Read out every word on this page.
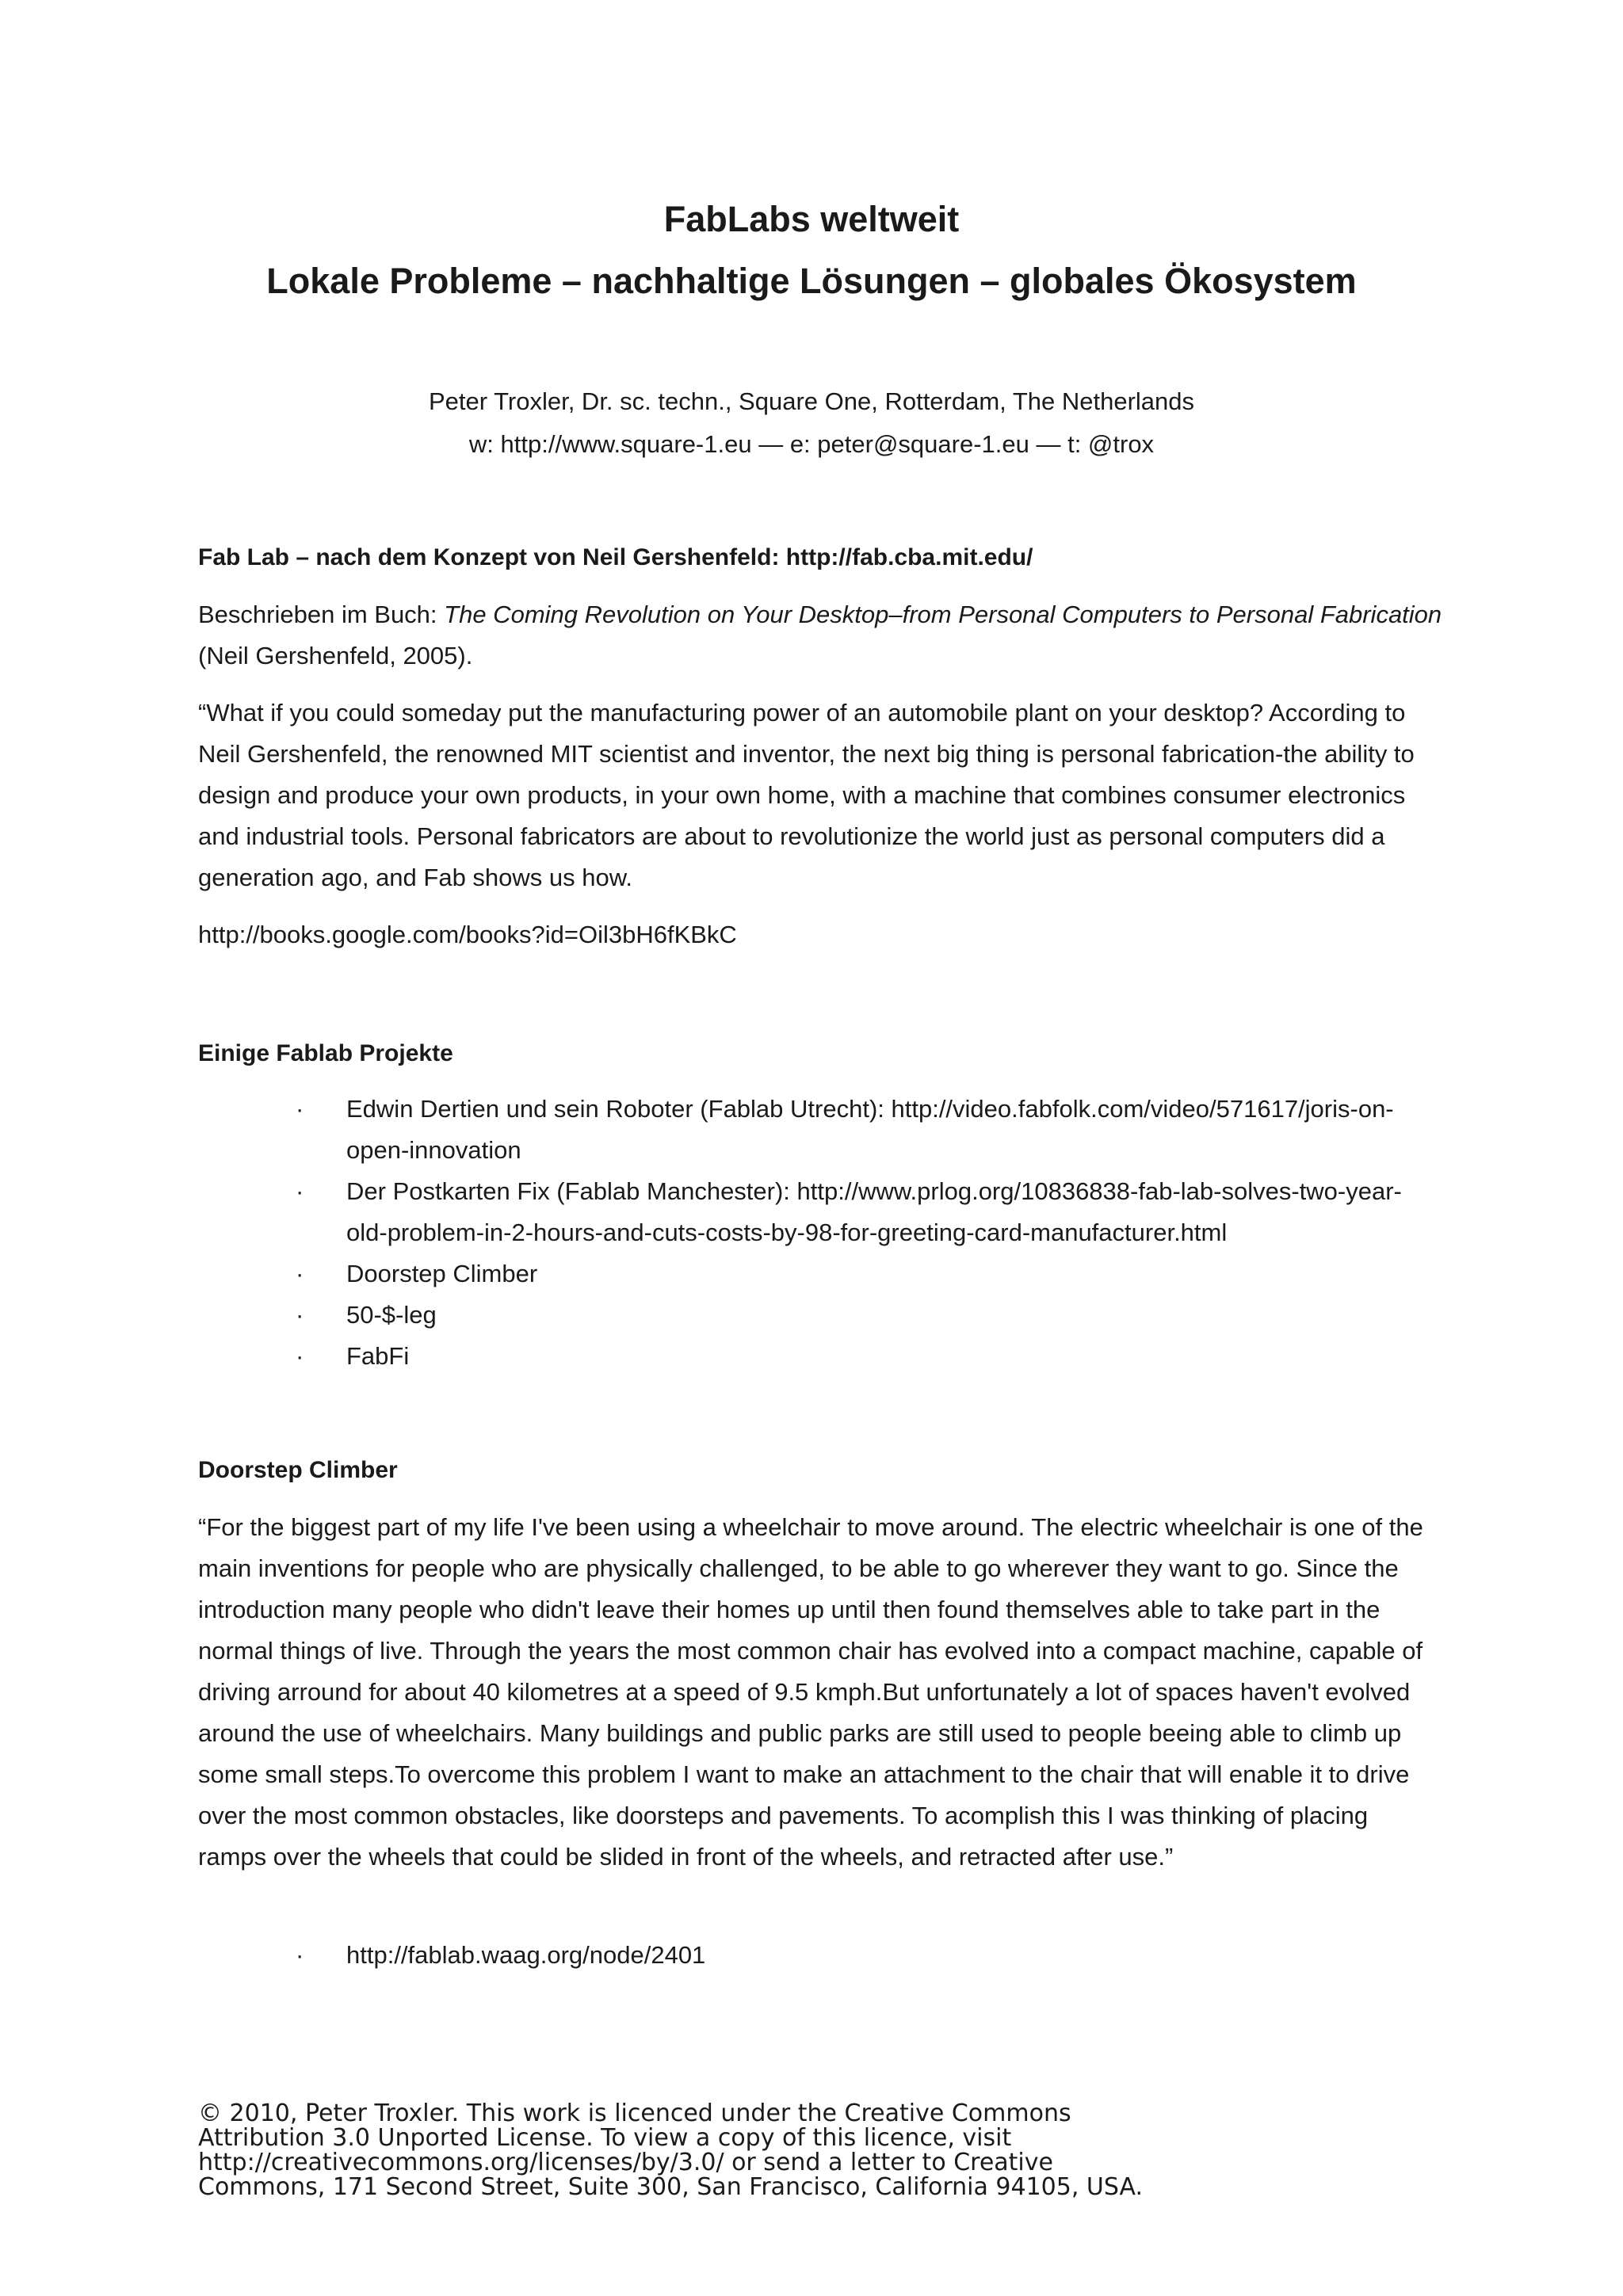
FabLabs weltweit
Lokale Probleme – nachhaltige Lösungen – globales Ökosystem
Peter Troxler, Dr. sc. techn., Square One, Rotterdam, The Netherlands
w: http://www.square-1.eu — e: peter@square-1.eu — t: @trox
Fab Lab – nach dem Konzept von Neil Gershenfeld: http://fab.cba.mit.edu/

Beschrieben im Buch: The Coming Revolution on Your Desktop–from Personal Computers to Personal Fabrication (Neil Gershenfeld, 2005).

“What if you could someday put the manufacturing power of an automobile plant on your desktop? According to Neil Gershenfeld, the renowned MIT scientist and inventor, the next big thing is personal fabrication-the ability to design and produce your own products, in your own home, with a machine that combines consumer electronics and industrial tools. Personal fabricators are about to revolutionize the world just as personal computers did a generation ago, and Fab shows us how.

http://books.google.com/books?id=Oil3bH6fKBkC

Einige Fablab Projekte
· Edwin Dertien und sein Roboter (Fablab Utrecht): http://video.fabfolk.com/video/571617/joris-on-open-innovation
· Der Postkarten Fix (Fablab Manchester): http://www.prlog.org/10836838-fab-lab-solves-two-year-old-problem-in-2-hours-and-cuts-costs-by-98-for-greeting-card-manufacturer.html
· Doorstep Climber
· 50-$-leg
· FabFi
Doorstep Climber

“For the biggest part of my life I've been using a wheelchair to move around. The electric wheelchair is one of the main inventions for people who are physically challenged, to be able to go wherever they want to go. Since the introduction many people who didn't leave their homes up until then found themselves able to take part in the normal things of live. Through the years the most common chair has evolved into a compact machine, capable of driving arround for about 40 kilometres at a speed of 9.5 kmph.But unfortunately a lot of spaces haven't evolved around the use of wheelchairs. Many buildings and public parks are still used to people beeing able to climb up some small steps.To overcome this problem I want to make an attachment to the chair that will enable it to drive over the most common obstacles, like doorsteps and pavements. To acomplish this I was thinking of placing ramps over the wheels that could be slided in front of the wheels, and retracted after use.”

· http://fablab.waag.org/node/2401

© 2010, Peter Troxler. This work is licenced under the Creative Commons

Attribution 3.0 Unported License. To view a copy of this licence, visit

http://creativecommons.org/licenses/by/3.0/ or send a letter to Creative

Commons, 171 Second Street, Suite 300, San Francisco, California 94105, USA.
